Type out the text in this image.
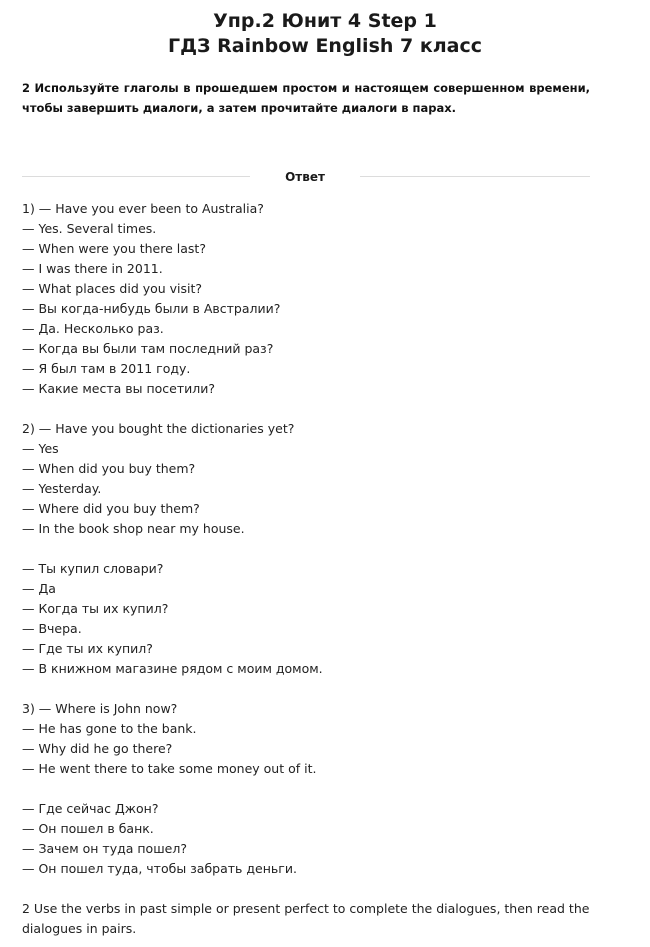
Упр.2 Юнит 4 Step 1
ГДЗ Rainbow English 7 класс
2 Используйте глаголы в прошедшем простом и настоящем совершенном времени, чтобы завершить диалоги, а затем прочитайте диалоги в парах.
Ответ
1) — Have you ever been to Australia?
— Yes. Several times.
— When were you there last?
— I was there in 2011.
— What places did you visit?
— Вы когда-нибудь были в Австралии?
— Да. Несколько раз.
— Когда вы были там последний раз?
— Я был там в 2011 году.
— Какие места вы посетили?
2) — Have you bought the dictionaries yet?
— Yes
— When did you buy them?
— Yesterday.
— Where did you buy them?
— In the book shop near my house.
— Ты купил словари?
— Да
— Когда ты их купил?
— Вчера.
— Где ты их купил?
— В книжном магазине рядом с моим домом.
3) — Where is John now?
— He has gone to the bank.
— Why did he go there?
— He went there to take some money out of it.
— Где сейчас Джон?
— Он пошел в банк.
— Зачем он туда пошел?
— Он пошел туда, чтобы забрать деньги.
2 Use the verbs in past simple or present perfect to complete the dialogues, then read the dialogues in pairs.
